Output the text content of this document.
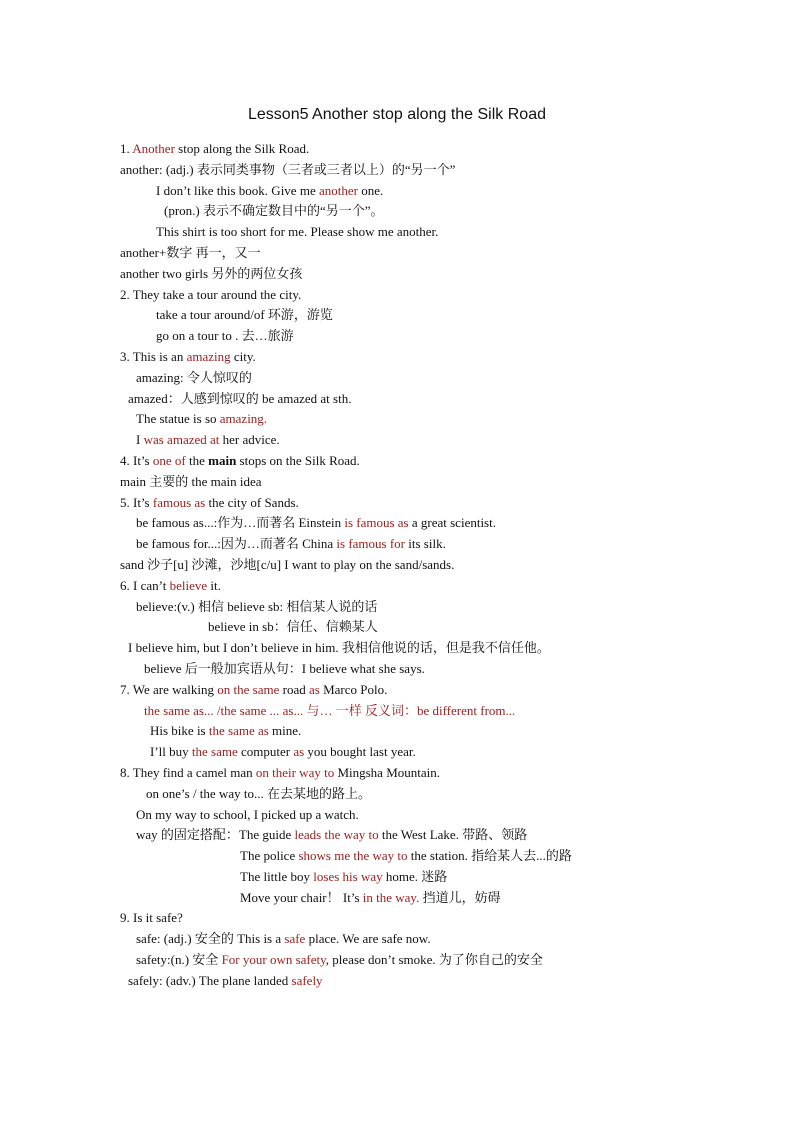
Lesson5 Another stop along the Silk Road
1. Another stop along the Silk Road.
another: (adj.) 表示同类事物（三者或三者以上）的“另一个”
I don’t like this book. Give me another one.
(pron.) 表示不确定数目中的“另一个”。
This shirt is too short for me. Please show me another.
another+数字 再一，又一
another two girls 另外的两位女孩
2. They take a tour around the city.
take a tour around/of 环游，游览
go on a tour to . 去…旅游
3. This is an amazing city.
amazing: 令人惊叹的
amazed：人感到惊叹的 be amazed at sth.
The statue is so amazing.
I was amazed at her advice.
4. It’s one of the main stops on the Silk Road.
main 主要的 the main idea
5. It’s famous as the city of Sands.
be famous as...:作为…而著名 Einstein is famous as a great scientist.
be famous for...:因为…而著名 China is famous for its silk.
sand 沙子[u] 沙滩，沙地[c/u] I want to play on the sand/sands.
6. I can’t believe it.
believe:(v.) 相信 believe sb: 相信某人说的话
believe in sb：信任、信赖某人
I believe him, but I don’t believe in him. 我相信他说的话，但是我不信任他。
believe 后一般加宾语从句：I believe what she says.
7. We are walking on the same road as Marco Polo.
the same as... /the same ... as... 与… 一样 反义词：be different from...
His bike is the same as mine.
I’ll buy the same computer as you bought last year.
8. They find a camel man on their way to Mingsha Mountain.
on one’s / the way to... 在去某地的路上。
On my way to school, I picked up a watch.
way 的固定搭配：The guide leads the way to the West Lake. 带路、领路
The police shows me the way to the station. 指给某人去...的路
The little boy loses his way home. 迷路
Move your chair！ It’s in the way. 挡道儿，妨碍
9. Is it safe?
safe: (adj.) 安全的 This is a safe place. We are safe now.
safety:(n.) 安全 For your own safety, please don’t smoke. 为了你自己的安全
safely: (adv.) The plane landed safely
